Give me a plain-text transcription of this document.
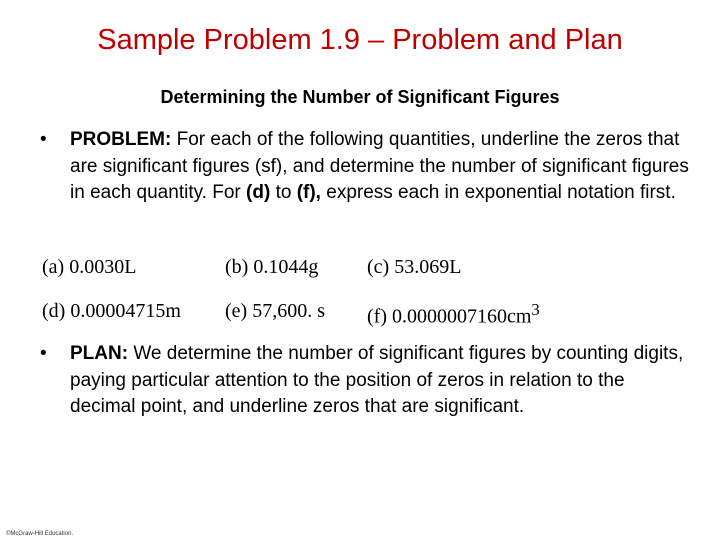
Sample Problem 1.9 – Problem and Plan
Determining the Number of Significant Figures
•	PROBLEM: For each of the following quantities, underline the zeros that are significant figures (sf), and determine the number of significant figures in each quantity. For (d) to (f), express each in exponential notation first.
(a) 0.0030L	(b) 0.1044g (c) 53.069L
(d) 0.00004715m (e) 57,600. s (f) $0.0000007160cm^3$
•	PLAN: We determine the number of significant figures by counting digits, paying particular attention to the position of zeros in relation to the decimal point, and underline zeros that are significant.
©McGraw-Hill Education.
